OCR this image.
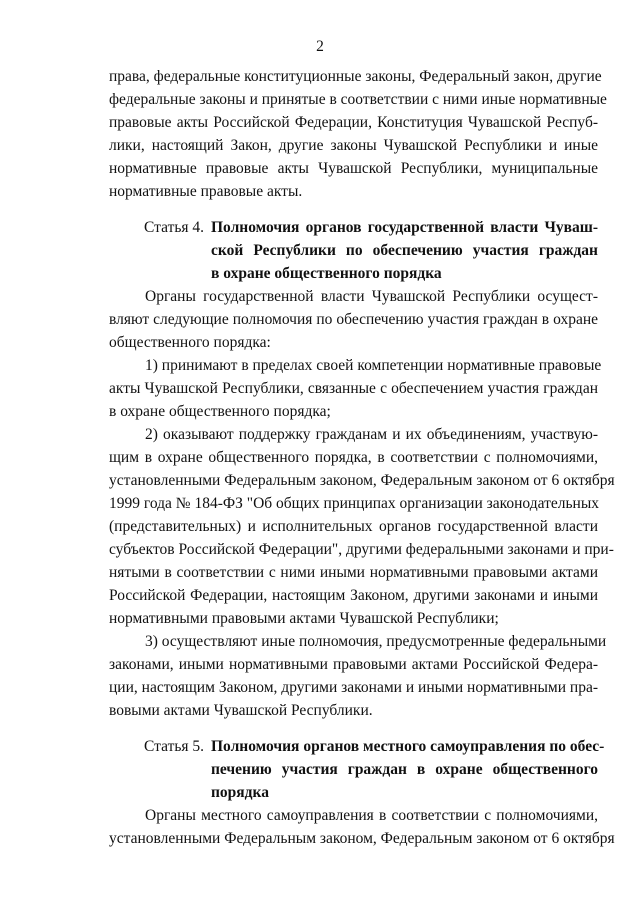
2
права, федеральные конституционные законы, Федеральный закон, другие
федеральные законы и принятые в соответствии с ними иные нормативные
правовые акты Российской Федерации, Конституция Чувашской Респуб-
лики, настоящий Закон, другие законы Чувашской Республики и иные
нормативные правовые акты Чувашской Республики, муниципальные
нормативные правовые акты.
Статья 4. Полномочия органов государственной власти Чуваш-
ской Республики по обеспечению участия граждан
в охране общественного порядка
Органы государственной власти Чувашской Республики осущест-
вляют следующие полномочия по обеспечению участия граждан в охране
общественного порядка:
1) принимают в пределах своей компетенции нормативные правовые
акты Чувашской Республики, связанные с обеспечением участия граждан
в охране общественного порядка;
2) оказывают поддержку гражданам и их объединениям, участвую-
щим в охране общественного порядка, в соответствии с полномочиями,
установленными Федеральным законом, Федеральным законом от 6 октября
1999 года № 184-ФЗ "Об общих принципах организации законодательных
(представительных) и исполнительных органов государственной власти
субъектов Российской Федерации", другими федеральными законами и при-
нятыми в соответствии с ними иными нормативными правовыми актами
Российской Федерации, настоящим Законом, другими законами и иными
нормативными правовыми актами Чувашской Республики;
3) осуществляют иные полномочия, предусмотренные федеральными
законами, иными нормативными правовыми актами Российской Федера-
ции, настоящим Законом, другими законами и иными нормативными пра-
вовыми актами Чувашской Республики.
Статья 5. Полномочия органов местного самоуправления по обес-
печению участия граждан в охране общественного
порядка
Органы местного самоуправления в соответствии с полномочиями,
установленными Федеральным законом, Федеральным законом от 6 октября
